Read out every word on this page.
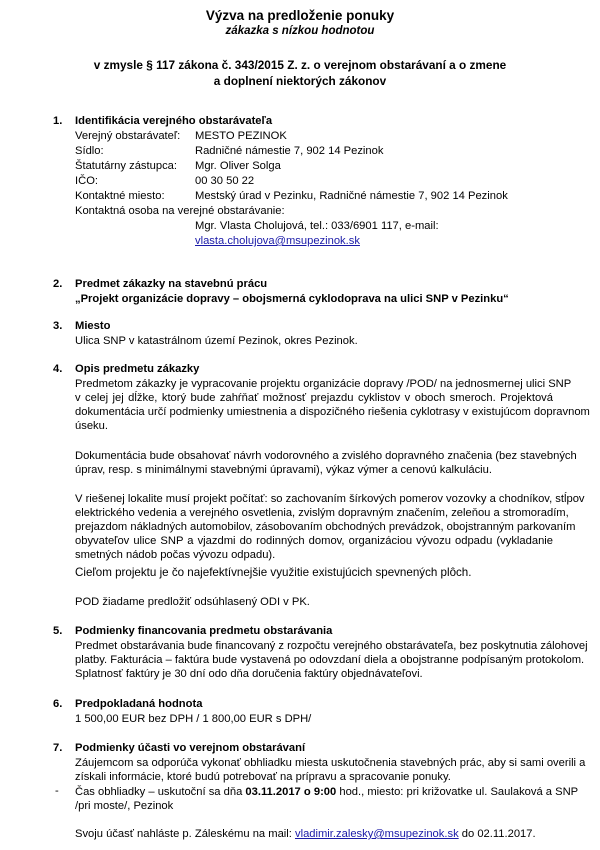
Výzva na predloženie ponuky
zákazka s nízkou hodnotou
v zmysle § 117 zákona č. 343/2015 Z. z. o verejnom obstarávaní a o zmene
a doplnení niektorých zákonov
1. Identifikácia verejného obstarávateľa
Verejný obstarávateľ: MESTO PEZINOK
Sídlo:	Radničné námestie 7, 902 14 Pezinok
Štatutárny zástupca: Mgr. Oliver Solga
IČO:	00 30 50 22
Kontaktné miesto:	Mestský úrad v Pezinku, Radničné námestie 7, 902 14 Pezinok
Kontaktná osoba na verejné obstarávanie:
Mgr. Vlasta Cholujová, tel.: 033/6901 117, e-mail:
vlasta.cholujova@msupezinok.sk
2. Predmet zákazky na stavebnú prácu
„Projekt organizácie dopravy – obojsmerná cyklodoprava na ulici SNP v Pezinku“
3. Miesto
Ulica SNP v katastrálnom území Pezinok, okres Pezinok.
4. Opis predmetu zákazky
Predmetom zákazky je vypracovanie projektu organizácie dopravy /POD/ na jednosmernej ulici SNP
v celej jej dĺžke, ktorý bude zahŕňať možnosť prejazdu cyklistov v oboch smeroch. Projektová
dokumentácia určí podmienky umiestnenia a dispozičného riešenia cyklotrasy v existujúcom dopravnom
úseku.
Dokumentácia bude obsahovať návrh vodorovného a zvislého dopravného značenia (bez stavebných
úprav, resp. s minimálnymi stavebnými úpravami), výkaz výmer a cenovú kalkuláciu.
V riešenej lokalite musí projekt počítať: so zachovaním šírkových pomerov vozovky a chodníkov, stĺpov
elektrického vedenia a verejného osvetlenia, zvislým dopravným značením, zeleňou a stromoradím,
prejazdom nákladných automobilov, zásobovaním obchodných prevádzok, obojstranným parkovaním
obyvateľov ulice SNP a vjazdmi do rodinných domov, organizáciou vývozu odpadu (vykladanie
smetných nádob počas vývozu odpadu).
Cieľom projektu je čo najefektívnejšie využitie existujúcich spevnených plôch.
POD žiadame predložiť odsúhlasený ODI v PK.
5. Podmienky financovania predmetu obstarávania
Predmet obstarávania bude financovaný z rozpočtu verejného obstarávateľa, bez poskytnutia zálohovej
platby. Fakturácia – faktúra bude vystavená po odovzdaní diela a obojstranne podpísaným protokolom.
Splatnosť faktúry je 30 dní odo dňa doručenia faktúry objednávateľovi.
6. Predpokladaná hodnota
1 500,00 EUR bez DPH / 1 800,00 EUR s DPH/
7. Podmienky účasti vo verejnom obstarávaní
Záujemcom sa odporúča vykonať obhliadku miesta uskutočnenia stavebných prác, aby si sami overili a
získali informácie, ktoré budú potrebovať na prípravu a spracovanie ponuky.
- Čas obhliadky – uskutoční sa dňa 03.11.2017 o 9:00 hod., miesto: pri križovatke ul. Saulaková a SNP
/pri moste/, Pezinok
Svoju účasť nahláste p. Záleskému na mail: vladimir.zalesky@msupezinok.sk do 02.11.2017.
